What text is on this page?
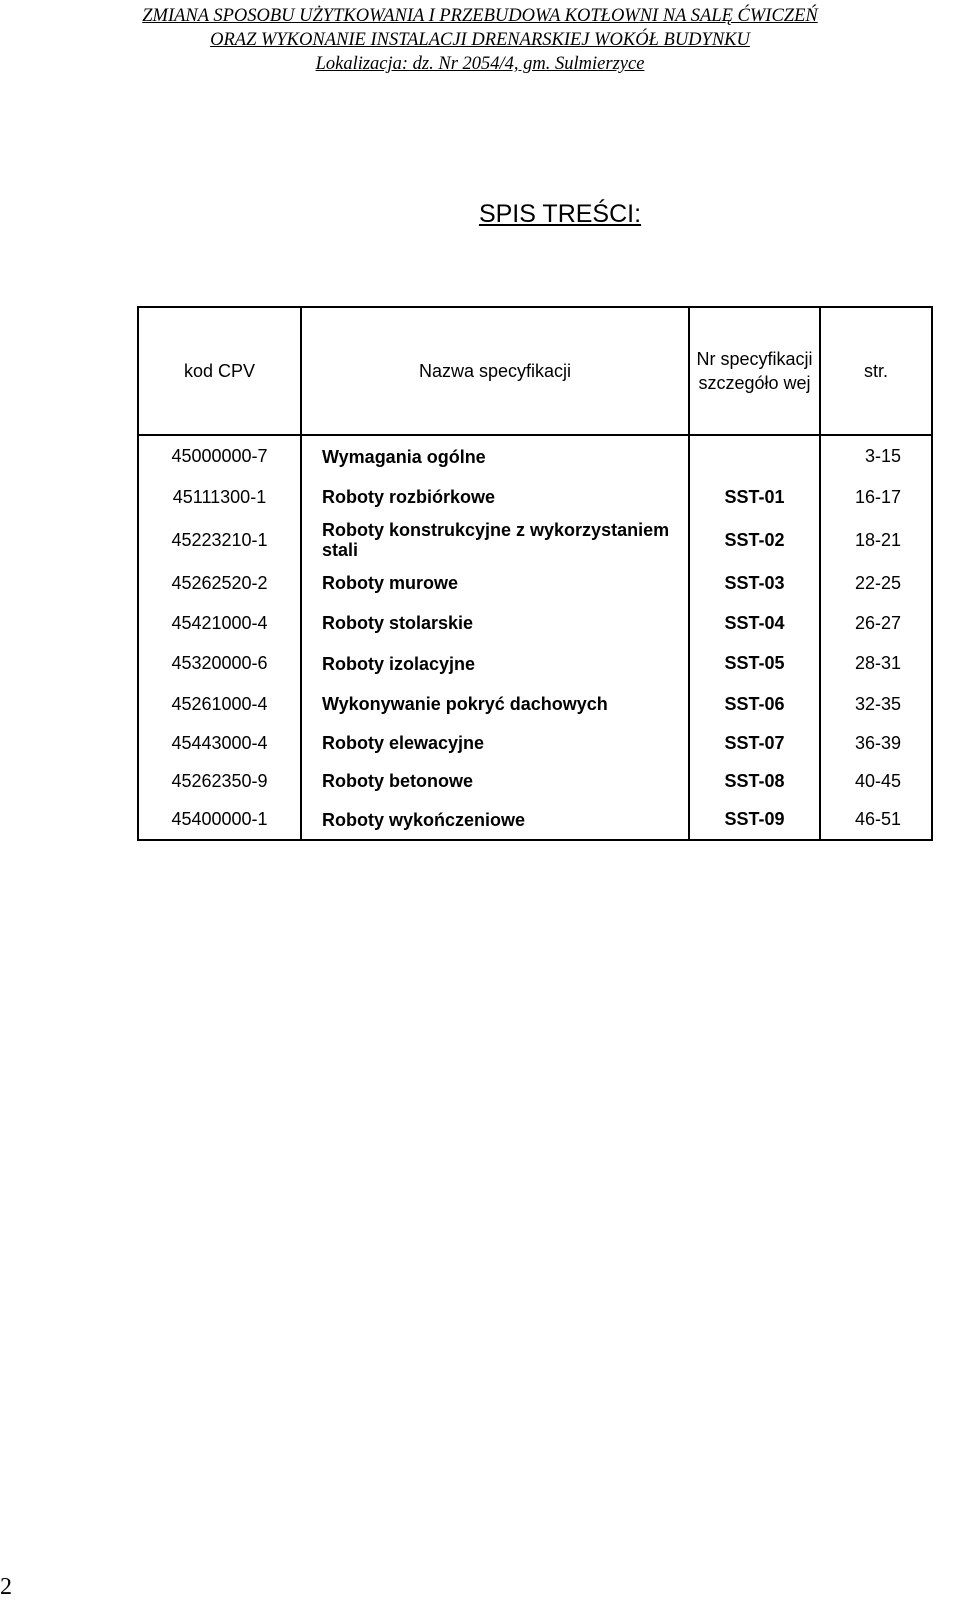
ZMIANA SPOSOBU UŻYTKOWANIA I PRZEBUDOWA KOTŁOWNI NA SALĘ ĆWICZEŃ
ORAZ WYKONANIE INSTALACJI DRENARSKIEJ WOKÓŁ BUDYNKU
Lokalizacja: dz. Nr 2054/4, gm. Sulmierzyce
SPIS TREŚCI:
kod CPV	Nazwa specyfikacji	Nr specyfikacji szczegóło wej	str.
45000000-7	Wymagania ogólne		3-15
45111300-1	Roboty rozbiórkowe	SST-01	16-17
45223210-1	Roboty konstrukcyjne z wykorzystaniem stali	SST-02	18-21
45262520-2	Roboty murowe	SST-03	22-25
45421000-4	Roboty stolarskie	SST-04	26-27
45320000-6	Roboty izolacyjne	SST-05	28-31
45261000-4	Wykonywanie pokryć dachowych	SST-06	32-35
45443000-4	Roboty elewacyjne	SST-07	36-39
45262350-9	Roboty betonowe	SST-08	40-45
45400000-1	Roboty wykończeniowe	SST-09	46-51
2
